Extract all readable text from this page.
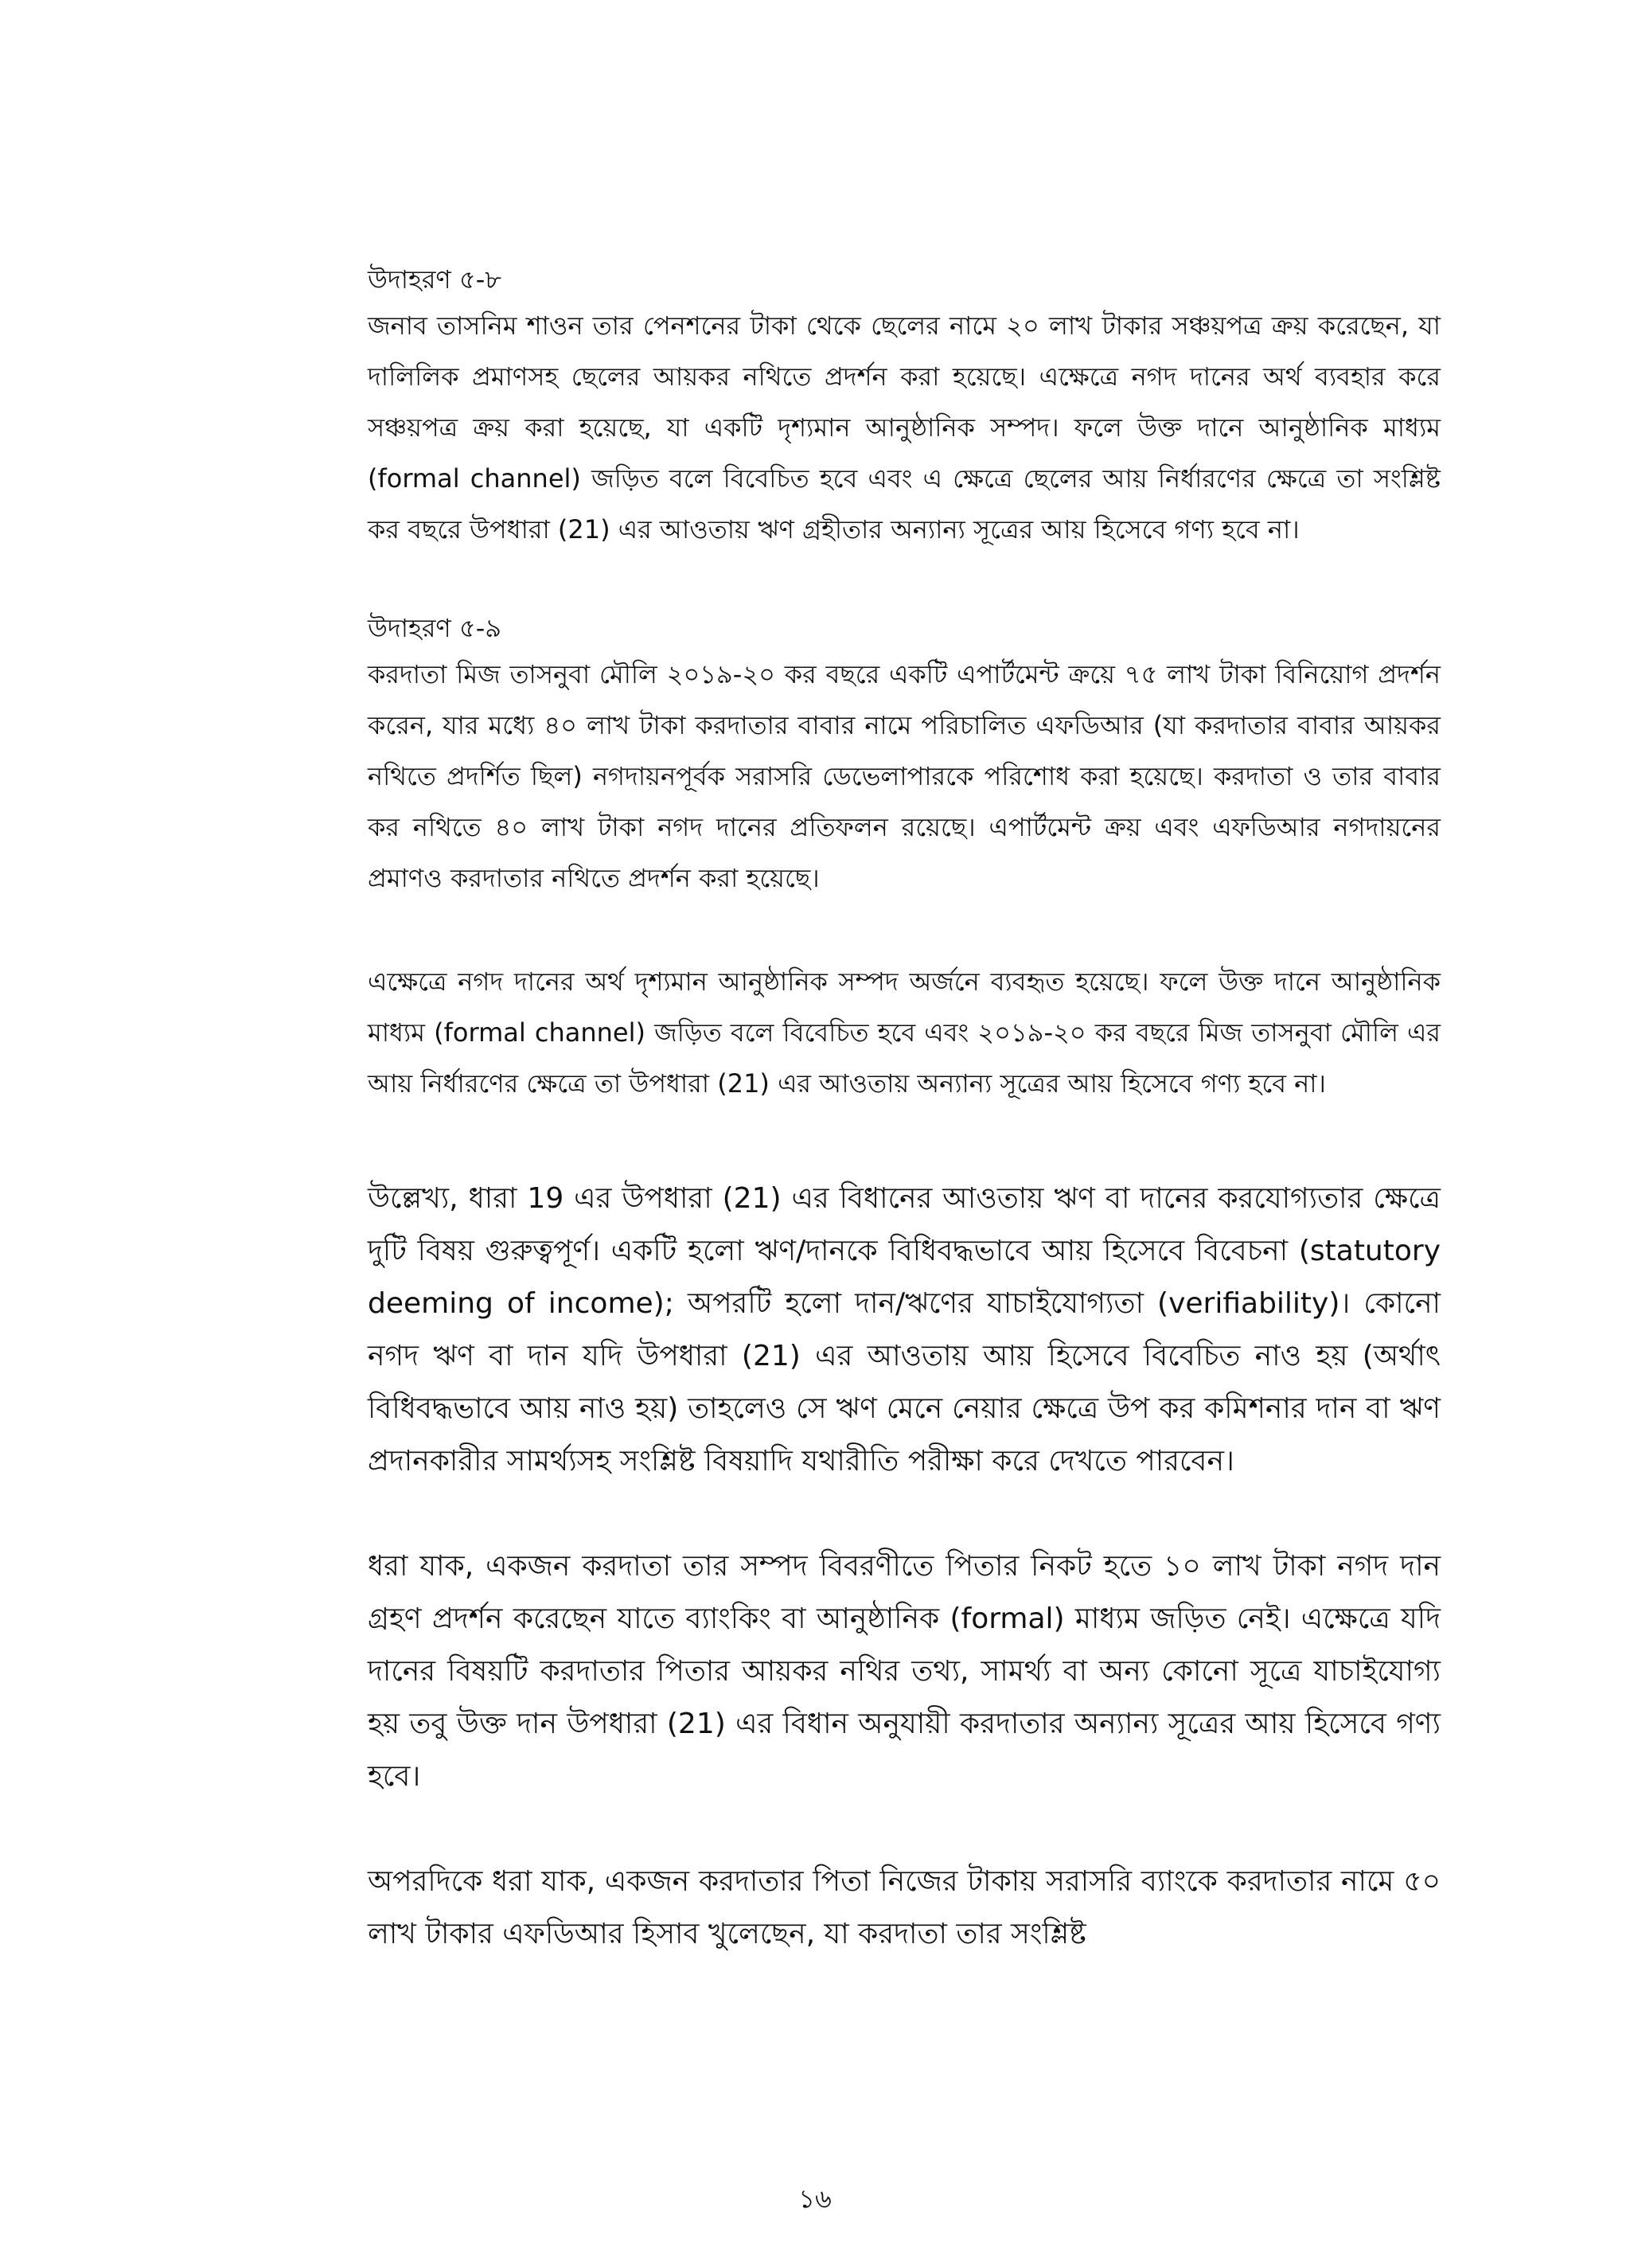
উদাহরণ ৫-৮

জনাব তাসনিম শাওন তার পেনশনের টাকা থেকে ছেলের নামে ২০ লাখ টাকার সঞ্চয়পত্র ক্রয় করেছেন, যা দালিলিক প্রমাণসহ ছেলের আয়কর নথিতে প্রদর্শন করা হয়েছে। এক্ষেত্রে নগদ দানের অর্থ ব্যবহার করে সঞ্চয়পত্র ক্রয় করা হয়েছে, যা একটি দৃশ্যমান আনুষ্ঠানিক সম্পদ। ফলে উক্ত দানে আনুষ্ঠানিক মাধ্যম (formal channel) জড়িত বলে বিবেচিত হবে এবং এ ক্ষেত্রে ছেলের আয় নির্ধারণের ক্ষেত্রে তা সংশ্লিষ্ট কর বছরে উপধারা (21) এর আওতায় ঋণ গ্রহীতার অন্যান্য সূত্রের আয় হিসেবে গণ্য হবে না।

উদাহরণ ৫-৯

করদাতা মিজ তাসনুবা মৌলি ২০১৯-২০ কর বছরে একটি এপার্টমেন্ট ক্রয়ে ৭৫ লাখ টাকা বিনিয়োগ প্রদর্শন করেন, যার মধ্যে ৪০ লাখ টাকা করদাতার বাবার নামে পরিচালিত এফডিআর (যা করদাতার বাবার আয়কর নথিতে প্রদর্শিত ছিল) নগদায়নপূর্বক সরাসরি ডেভেলাপারকে পরিশোধ করা হয়েছে। করদাতা ও তার বাবার কর নথিতে ৪০ লাখ টাকা নগদ দানের প্রতিফলন রয়েছে। এপার্টমেন্ট ক্রয় এবং এফডিআর নগদায়নের প্রমাণও করদাতার নথিতে প্রদর্শন করা হয়েছে।

এক্ষেত্রে নগদ দানের অর্থ দৃশ্যমান আনুষ্ঠানিক সম্পদ অর্জনে ব্যবহৃত হয়েছে। ফলে উক্ত দানে আনুষ্ঠানিক মাধ্যম (formal channel) জড়িত বলে বিবেচিত হবে এবং ২০১৯-২০ কর বছরে মিজ তাসনুবা মৌলি এর আয় নির্ধারণের ক্ষেত্রে তা উপধারা (21) এর আওতায় অন্যান্য সূত্রের আয় হিসেবে গণ্য হবে না।

উল্লেখ্য, ধারা 19 এর উপধারা (21) এর বিধানের আওতায় ঋণ বা দানের করযোগ্যতার ক্ষেত্রে দুটি বিষয় গুরুত্বপূর্ণ। একটি হলো ঋণ/দানকে বিধিবদ্ধভাবে আয় হিসেবে বিবেচনা (statutory deeming of income); অপরটি হলো দান/ঋণের যাচাইযোগ্যতা (verifiability)। কোনো নগদ ঋণ বা দান যদি উপধারা (21) এর আওতায় আয় হিসেবে বিবেচিত নাও হয় (অর্থাৎ বিধিবদ্ধভাবে আয় নাও হয়) তাহলেও সে ঋণ মেনে নেয়ার ক্ষেত্রে উপ কর কমিশনার দান বা ঋণ প্রদানকারীর সামর্থ্যসহ সংশ্লিষ্ট বিষয়াদি যথারীতি পরীক্ষা করে দেখতে পারবেন।

ধরা যাক, একজন করদাতা তার সম্পদ বিবরণীতে পিতার নিকট হতে ১০ লাখ টাকা নগদ দান গ্রহণ প্রদর্শন করেছেন যাতে ব্যাংকিং বা আনুষ্ঠানিক (formal) মাধ্যম জড়িত নেই। এক্ষেত্রে যদি দানের বিষয়টি করদাতার পিতার আয়কর নথির তথ্য, সামর্থ্য বা অন্য কোনো সূত্রে যাচাইযোগ্য হয় তবু উক্ত দান উপধারা (21) এর বিধান অনুযায়ী করদাতার অন্যান্য সূত্রের আয় হিসেবে গণ্য হবে।

অপরদিকে ধরা যাক, একজন করদাতার পিতা নিজের টাকায় সরাসরি ব্যাংকে করদাতার নামে ৫০ লাখ টাকার এফডিআর হিসাব খুলেছেন, যা করদাতা তার সংশ্লিষ্ট

১৬
